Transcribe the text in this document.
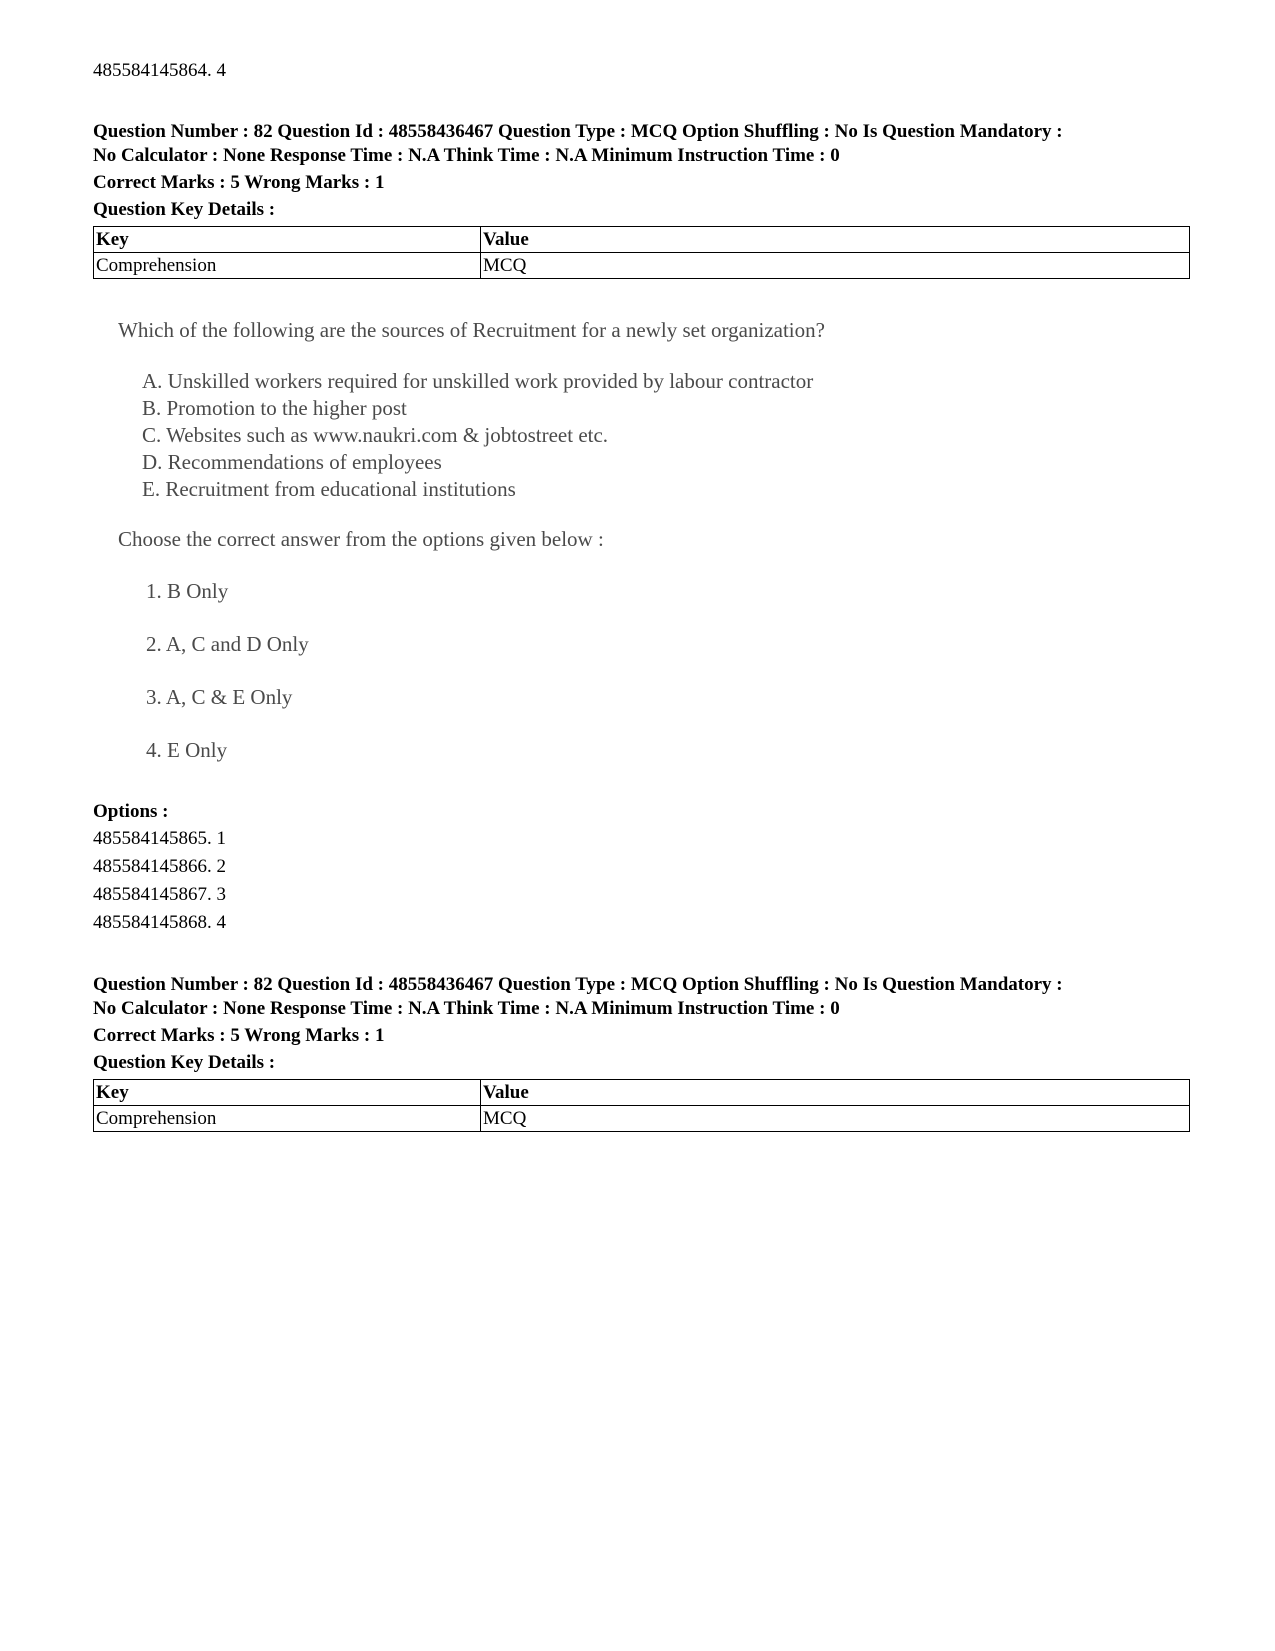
485584145864. 4

Question Number : 82 Question Id : 48558436467 Question Type : MCQ Option Shuffling : No Is Question Mandatory :

No Calculator : None Response Time : N.A Think Time : N.A Minimum Instruction Time : 0

Correct Marks : 5 Wrong Marks : 1
Question Key Details :
Key	Value
Comprehension	MCQ
Which of the following are the sources of Recruitment for a newly set organization?
A. Unskilled workers required for unskilled work provided by labour contractor
B. Promotion to the higher post
C. Websites such as www.naukri.com & jobtostreet etc.
D. Recommendations of employees
E. Recruitment from educational institutions
Choose the correct answer from the options given below :
1. B Only
2. A, C and D Only
3. A, C & E Only
4. E Only
Options :
485584145865. 1
485584145866. 2
485584145867. 3
485584145868. 4

Question Number : 82 Question Id : 48558436467 Question Type : MCQ Option Shuffling : No Is Question Mandatory :

No Calculator : None Response Time : N.A Think Time : N.A Minimum Instruction Time : 0

Correct Marks : 5 Wrong Marks : 1
Question Key Details :
Key	Value
Comprehension	MCQ
